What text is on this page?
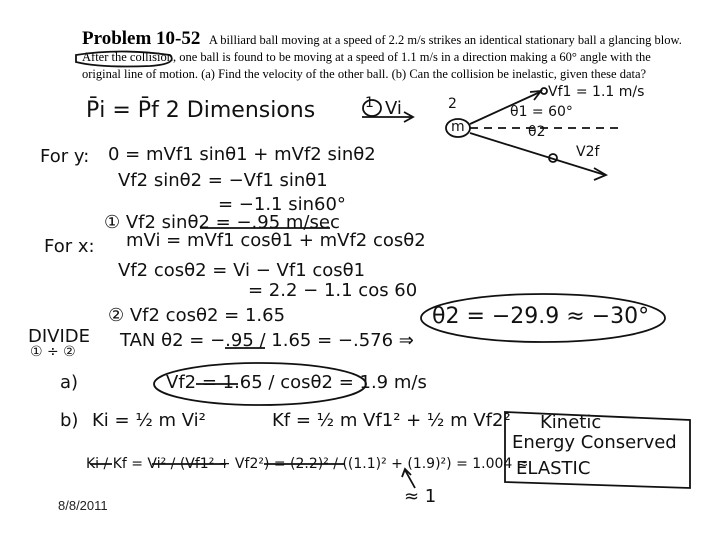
Problem 10-52 A billiard ball moving at a speed of 2.2 m/s strikes an identical stationary ball a glancing blow. After the collision, one ball is found to be moving at a speed of 1.1 m/s in a direction making a 60° angle with the original line of motion. (a) Find the velocity of the other ball. (b) Can the collision be inelastic, given these data?
1 Vi	2
m
Vf1 = 1.1 m/s
θ1 = 60°
θ2
V2f
P̄i = P̄f 2 Dimensions
For y: 0 = mVf1 sinθ1 + mVf2 sinθ2
Vf2 sinθ2 = −Vf1 sinθ1
= −1.1 sin60°
① Vf2 sinθ2 = −.95 m/sec
For x: mVi = mVf1 cosθ1 + mVf2 cosθ2
Vf2 cosθ2 = Vi − Vf1 cosθ1
= 2.2 − 1.1 cos 60
② Vf2 cosθ2 = 1.65
DIVIDE
① ÷ ②
TAN θ2 = −.95 / 1.65 = −.576 ⇒
θ2 = −29.9 ≈ −30°
a)	Vf2 = 1.65 / cosθ2 = 1.9 m/s
b) Ki = ½ m Vi²	Kf = ½ m Vf1² + ½ m Vf2²
Ki / Kf = Vi² / (Vf1² + Vf2²) = (2.2)² / ((1.1)² + (1.9)²) = 1.004 ≈
≈ 1
Kinetic
Energy Conserved
ELASTIC
8/8/2011
